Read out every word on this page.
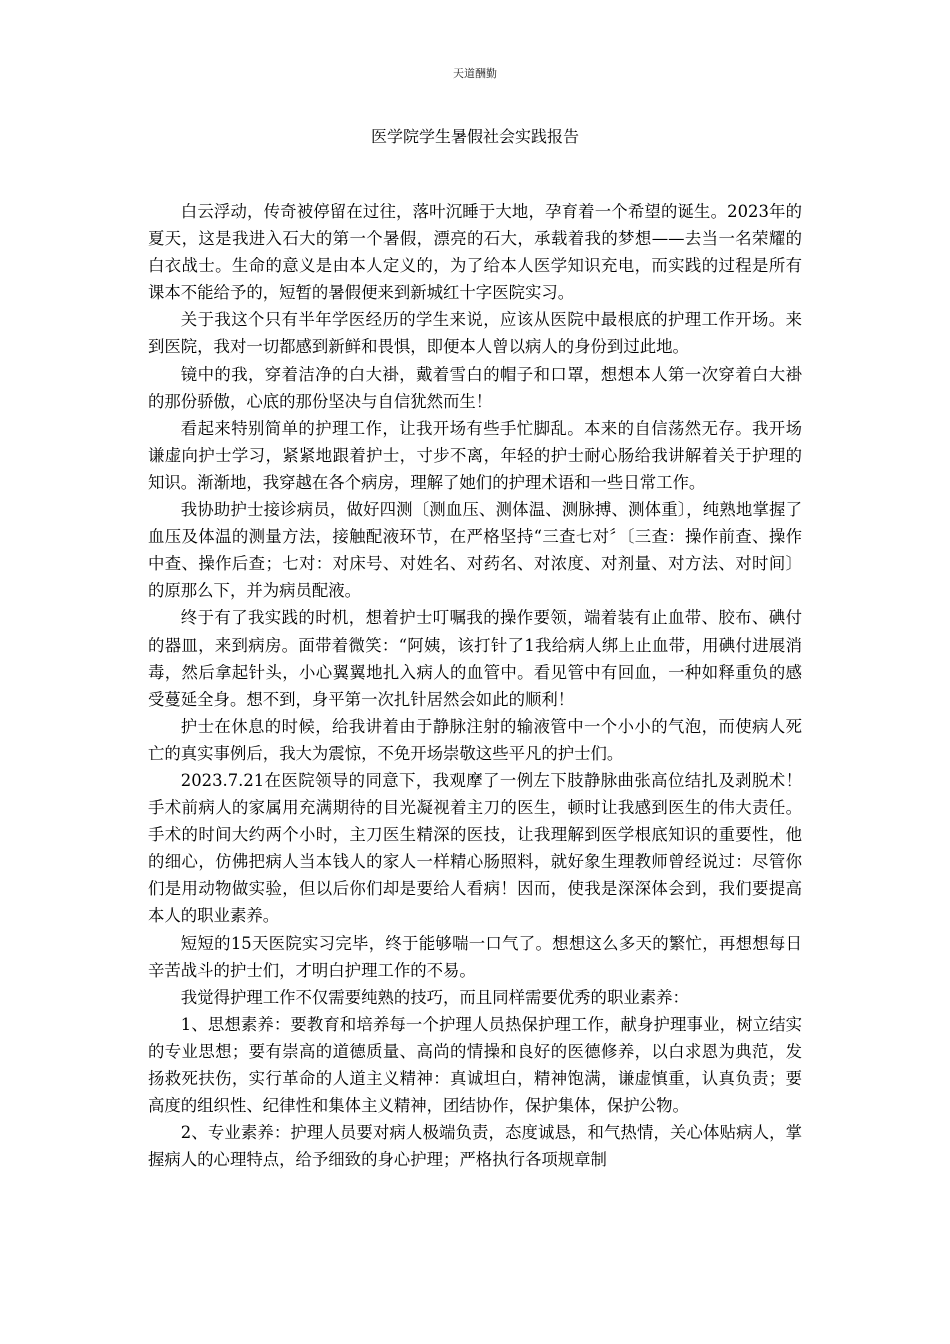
天道酬勤
医学院学生暑假社会实践报告

白云浮动，传奇被停留在过往，落叶沉睡于大地，孕育着一个希望的诞生。2023年的夏天，这是我进入石大的第一个暑假，漂亮的石大，承载着我的梦想——去当一名荣耀的白衣战士。生命的意义是由本人定义的，为了给本人医学知识充电，而实践的过程是所有课本不能给予的，短暂的暑假便来到新城红十字医院实习。

关于我这个只有半年学医经历的学生来说，应该从医院中最根底的护理工作开场。来到医院，我对一切都感到新鲜和畏惧，即便本人曾以病人的身份到过此地。

镜中的我，穿着洁净的白大褂，戴着雪白的帽子和口罩，想想本人第一次穿着白大褂的那份骄傲，心底的那份坚决与自信犹然而生！

看起来特别简单的护理工作，让我开场有些手忙脚乱。本来的自信荡然无存。我开场谦虚向护士学习，紧紧地跟着护士，寸步不离，年轻的护士耐心肠给我讲解着关于护理的知识。渐渐地，我穿越在各个病房，理解了她们的护理术语和一些日常工作。

我协助护士接诊病员，做好四测〔测血压、测体温、测脉搏、测体重〕，纯熟地掌握了血压及体温的测量方法，接触配液环节，在严格坚持“三查七对〞〔三查：操作前查、操作中查、操作后查；七对：对床号、对姓名、对药名、对浓度、对剂量、对方法、对时间〕的原那么下，并为病员配液。

终于有了我实践的时机，想着护士叮嘱我的操作要领，端着装有止血带、胶布、碘付的器皿，来到病房。面带着微笑：“阿姨，该打针了1我给病人绑上止血带，用碘付进展消毒，然后拿起针头，小心翼翼地扎入病人的血管中。看见管中有回血，一种如释重负的感受蔓延全身。想不到，身平第一次扎针居然会如此的顺利！

护士在休息的时候，给我讲着由于静脉注射的输液管中一个小小的气泡，而使病人死亡的真实事例后，我大为震惊，不免开场崇敬这些平凡的护士们。

2023.7.21在医院领导的同意下，我观摩了一例左下肢静脉曲张高位结扎及剥脱术！手术前病人的家属用充满期待的目光凝视着主刀的医生，顿时让我感到医生的伟大责任。手术的时间大约两个小时，主刀医生精深的医技，让我理解到医学根底知识的重要性，他的细心，仿佛把病人当本钱人的家人一样精心肠照料，就好象生理教师曾经说过：尽管你们是用动物做实验，但以后你们却是要给人看病！因而，使我是深深体会到，我们要提高本人的职业素养。

短短的15天医院实习完毕，终于能够喘一口气了。想想这么多天的繁忙，再想想每日辛苦战斗的护士们，才明白护理工作的不易。

我觉得护理工作不仅需要纯熟的技巧，而且同样需要优秀的职业素养：

1、思想素养：要教育和培养每一个护理人员热保护理工作，献身护理事业，树立结实的专业思想；要有崇高的道德质量、高尚的情操和良好的医德修养，以白求恩为典范，发扬救死扶伤，实行革命的人道主义精神：真诚坦白，精神饱满，谦虚慎重，认真负责；要高度的组织性、纪律性和集体主义精神，团结协作，保护集体，保护公物。

2、专业素养：护理人员要对病人极端负责，态度诚恳，和气热情，关心体贴病人，掌握病人的心理特点，给予细致的身心护理；严格执行各项规章制
